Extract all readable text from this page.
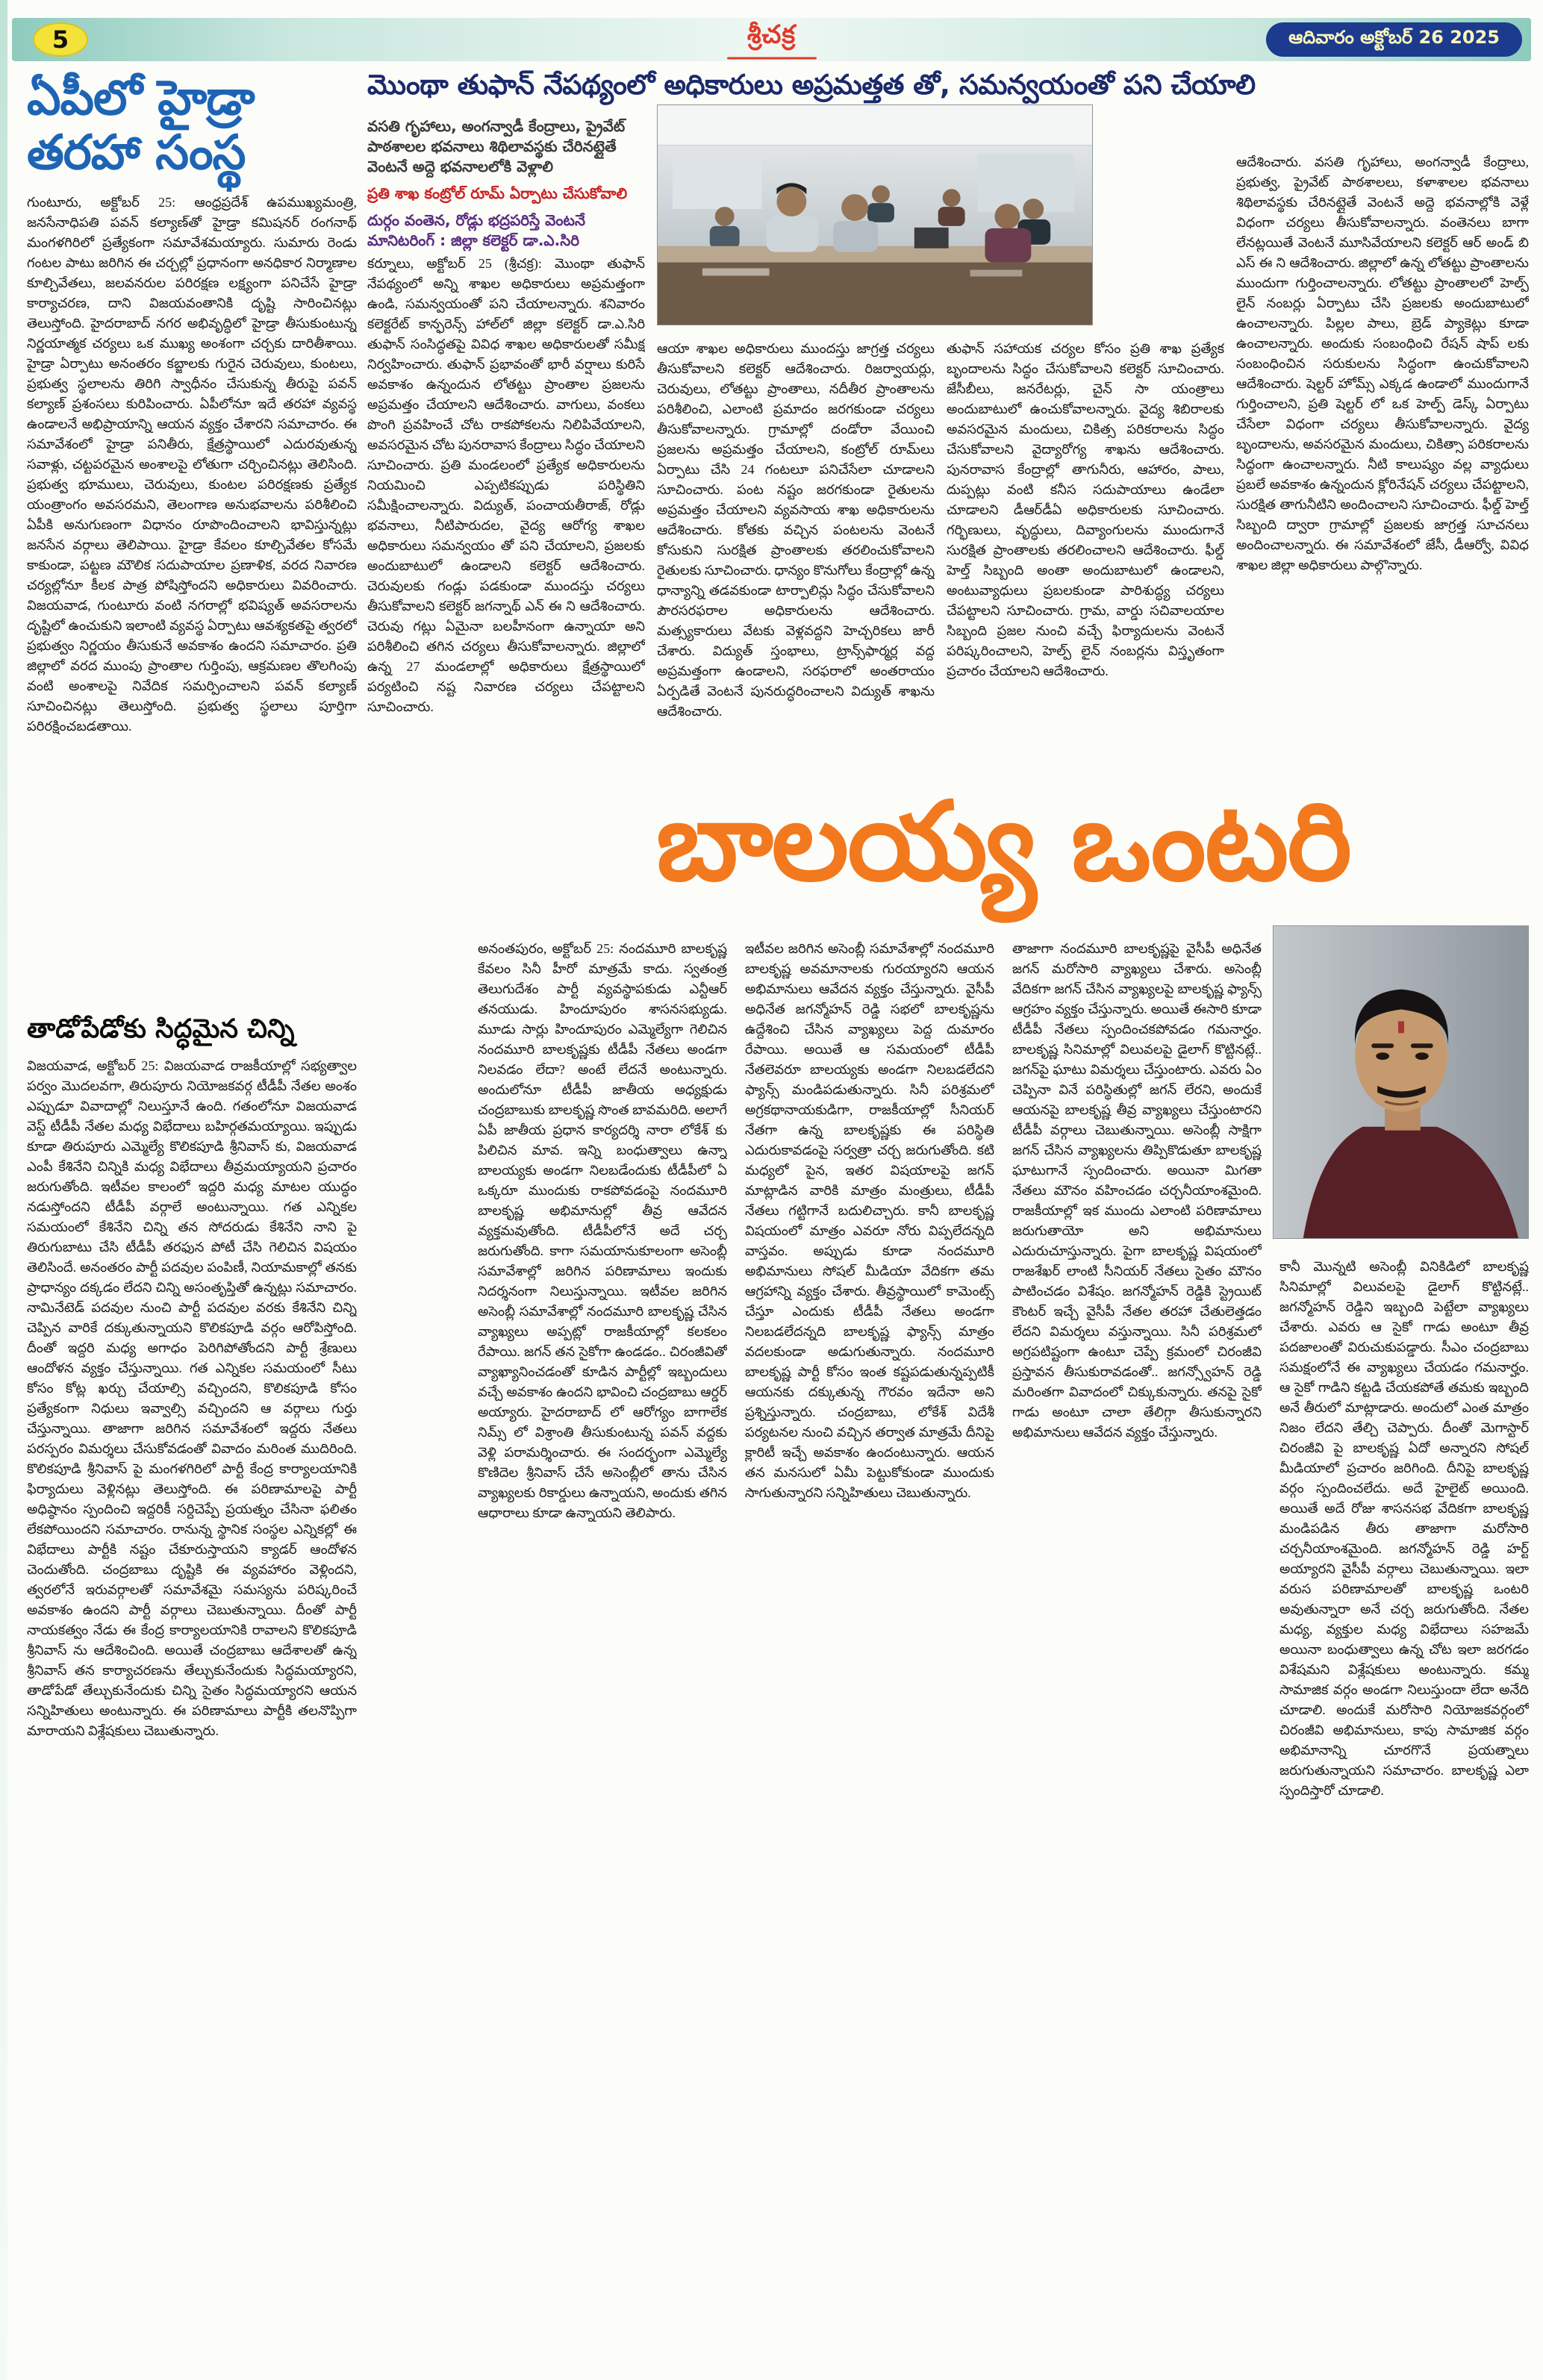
5	శ్రీచక్ర	ఆదివారం అక్టోబర్ 26 2025
ఏపీలో హైడ్రా తరహా సంస్థ
గుంటూరు, అక్టోబర్ 25: ఆంధ్రప్రదేశ్ ఉపముఖ్యమంత్రి, జనసేనాధిపతి పవన్ కల్యాణ్‌తో హైడ్రా కమిషనర్ రంగనాథ్ మంగళగిరిలో ప్రత్యేకంగా సమావేశమయ్యారు. సుమారు రెండు గంటల పాటు జరిగిన ఈ చర్చల్లో ప్రధానంగా అనధికార నిర్మాణాల కూల్చివేతలు, జలవనరుల పరిరక్షణ లక్ష్యంగా పనిచేసే హైడ్రా కార్యాచరణ, దాని విజయవంతానికి దృష్టి సారించినట్లు తెలుస్తోంది. హైదరాబాద్ నగర అభివృద్ధిలో హైడ్రా తీసుకుంటున్న నిర్ణయాత్మక చర్యలు ఒక ముఖ్య అంశంగా చర్చకు దారితీశాయి. హైడ్రా ఏర్పాటు అనంతరం కబ్జాలకు గురైన చెరువులు, కుంటలు, ప్రభుత్వ స్థలాలను తిరిగి స్వాధీనం చేసుకున్న తీరుపై పవన్ కల్యాణ్ ప్రశంసలు కురిపించారు. ఏపీలోనూ ఇదే తరహా వ్యవస్థ ఉండాలనే అభిప్రాయాన్ని ఆయన వ్యక్తం చేశారని సమాచారం. ఈ సమావేశంలో హైడ్రా పనితీరు, క్షేత్రస్థాయిలో ఎదురవుతున్న సవాళ్లు, చట్టపరమైన అంశాలపై లోతుగా చర్చించినట్లు తెలిసింది. ప్రభుత్వ భూములు, చెరువులు, కుంటల పరిరక్షణకు ప్రత్యేక యంత్రాంగం అవసరమని, తెలంగాణ అనుభవాలను పరిశీలించి ఏపీకి అనుగుణంగా విధానం రూపొందించాలని భావిస్తున్నట్లు జనసేన వర్గాలు తెలిపాయి. హైడ్రా కేవలం కూల్చివేతల కోసమే కాకుండా, పట్టణ మౌలిక సదుపాయాల ప్రణాళిక, వరద నివారణ చర్యల్లోనూ కీలక పాత్ర పోషిస్తోందని అధికారులు వివరించారు. విజయవాడ, గుంటూరు వంటి నగరాల్లో భవిష్యత్ అవసరాలను దృష్టిలో ఉంచుకుని ఇలాంటి వ్యవస్థ ఏర్పాటు ఆవశ్యకతపై త్వరలో ప్రభుత్వం నిర్ణయం తీసుకునే అవకాశం ఉందని సమాచారం. ప్రతి జిల్లాలో వరద ముంపు ప్రాంతాల గుర్తింపు, ఆక్రమణల తొలగింపు వంటి అంశాలపై నివేదిక సమర్పించాలని పవన్ కల్యాణ్ సూచించినట్లు తెలుస్తోంది. ప్రభుత్వ స్థలాలు పూర్తిగా పరిరక్షించబడతాయి.
తాడోపేడోకు సిద్ధమైన చిన్ని
విజయవాడ, అక్టోబర్ 25: విజయవాడ రాజకీయాల్లో సభ్యత్వాల పర్వం మొదలవగా, తిరుపూరు నియోజకవర్గ టీడీపీ నేతల అంశం ఎప్పుడూ వివాదాల్లో నిలుస్తూనే ఉంది. గతంలోనూ విజయవాడ వెస్ట్ టీడీపీ నేతల మధ్య విభేదాలు బహిర్గతమయ్యాయి. ఇప్పుడు కూడా తిరుపూరు ఎమ్మెల్యే కొలికపూడి శ్రీనివాస్ కు, విజయవాడ ఎంపీ కేశినేని చిన్నికి మధ్య విభేదాలు తీవ్రమయ్యాయని ప్రచారం జరుగుతోంది. ఇటీవల కాలంలో ఇద్దరి మధ్య మాటల యుద్ధం నడుస్తోందని టీడీపీ వర్గాలే అంటున్నాయి. గత ఎన్నికల సమయంలో కేశినేని చిన్ని తన సోదరుడు కేశినేని నాని పై తిరుగుబాటు చేసి టీడీపీ తరఫున పోటీ చేసి గెలిచిన విషయం తెలిసిందే. అనంతరం పార్టీ పదవుల పంపిణీ, నియామకాల్లో తనకు ప్రాధాన్యం దక్కడం లేదని చిన్ని అసంతృప్తితో ఉన్నట్లు సమాచారం. నామినేటెడ్ పదవుల నుంచి పార్టీ పదవుల వరకు కేశినేని చిన్ని చెప్పిన వారికే దక్కుతున్నాయని కొలికపూడి వర్గం ఆరోపిస్తోంది. దీంతో ఇద్దరి మధ్య అగాధం పెరిగిపోతోందని పార్టీ శ్రేణులు ఆందోళన వ్యక్తం చేస్తున్నాయి. గత ఎన్నికల సమయంలో సీటు కోసం కోట్ల ఖర్చు చేయాల్సి వచ్చిందని, కొలికపూడి కోసం ప్రత్యేకంగా నిధులు ఇవ్వాల్సి వచ్చిందని ఆ వర్గాలు గుర్తు చేస్తున్నాయి. తాజాగా జరిగిన సమావేశంలో ఇద్దరు నేతలు పరస్పరం విమర్శలు చేసుకోవడంతో వివాదం మరింత ముదిరింది. కొలికపూడి శ్రీనివాస్ పై మంగళగిరిలో పార్టీ కేంద్ర కార్యాలయానికి ఫిర్యాదులు వెళ్లినట్లు తెలుస్తోంది. ఈ పరిణామాలపై పార్టీ అధిష్ఠానం స్పందించి ఇద్దరికీ సర్దిచెప్పే ప్రయత్నం చేసినా ఫలితం లేకపోయిందని సమాచారం. రానున్న స్థానిక సంస్థల ఎన్నికల్లో ఈ విభేదాలు పార్టీకి నష్టం చేకూరుస్తాయని క్యాడర్ ఆందోళన చెందుతోంది. చంద్రబాబు దృష్టికి ఈ వ్యవహారం వెళ్లిందని, త్వరలోనే ఇరువర్గాలతో సమావేశమై సమస్యను పరిష్కరించే అవకాశం ఉందని పార్టీ వర్గాలు చెబుతున్నాయి. దీంతో పార్టీ నాయకత్వం నేడు ఈ కేంద్ర కార్యాలయానికి రావాలని కొలికపూడి శ్రీనివాస్ ను ఆదేశించింది. అయితే చంద్రబాబు ఆదేశాలతో ఉన్న శ్రీనివాస్ తన కార్యాచరణను తేల్చుకునేందుకు సిద్ధమయ్యారని, తాడోపేడో తేల్చుకునేందుకు చిన్ని సైతం సిద్ధమయ్యారని ఆయన సన్నిహితులు అంటున్నారు. ఈ పరిణామాలు పార్టీకి తలనొప్పిగా మారాయని విశ్లేషకులు చెబుతున్నారు.
మొంథా తుఫాన్ నేపథ్యంలో అధికారులు అప్రమత్తత తో, సమన్వయంతో పని చేయాలి

వసతి గృహాలు, అంగన్వాడీ కేంద్రాలు, ప్రైవేట్ పాఠశాలల భవనాలు శిథిలావస్థకు చేరినట్లైతే వెంటనే అద్దె భవనాలలోకి వెళ్లాలి

ప్రతి శాఖ కంట్రోల్ రూమ్ ఏర్పాటు చేసుకోవాలి

దుర్గం వంతెన, రోడ్లు భద్రపరిస్తే వెంటనే మానిటరింగ్ : జిల్లా కలెక్టర్ డా.ఎ.సిరి

కర్నూలు, అక్టోబర్ 25 (శ్రీచక్ర): మొంథా తుఫాన్ నేపథ్యంలో అన్ని శాఖల అధికారులు అప్రమత్తంగా ఉండి, సమన్వయంతో పని చేయాలన్నారు. శనివారం కలెక్టరేట్ కాన్ఫరెన్స్ హాల్‌లో జిల్లా కలెక్టర్ డా.ఎ.సిరి తుఫాన్ సంసిద్ధతపై వివిధ శాఖల అధికారులతో సమీక్ష నిర్వహించారు. తుఫాన్ ప్రభావంతో భారీ వర్షాలు కురిసే అవకాశం ఉన్నందున లోతట్టు ప్రాంతాల ప్రజలను అప్రమత్తం చేయాలని ఆదేశించారు. వాగులు, వంకలు పొంగి ప్రవహించే చోట రాకపోకలను నిలిపివేయాలని, అవసరమైన చోట పునరావాస కేంద్రాలు సిద్ధం చేయాలని సూచించారు. ప్రతి మండలంలో ప్రత్యేక అధికారులను నియమించి ఎప్పటికప్పుడు పరిస్థితిని సమీక్షించాలన్నారు. విద్యుత్, పంచాయతీరాజ్, రోడ్లు భవనాలు, నీటిపారుదల, వైద్య ఆరోగ్య శాఖల అధికారులు సమన్వయం తో పని చేయాలని, ప్రజలకు అందుబాటులో ఉండాలని కలెక్టర్ ఆదేశించారు. చెరువులకు గండ్లు పడకుండా ముందస్తు చర్యలు తీసుకోవాలని కలెక్టర్ జగన్నాథ్ ఎన్ ఈ ని ఆదేశించారు. చెరువు గట్లు ఏమైనా బలహీనంగా ఉన్నాయా అని పరిశీలించి తగిన చర్యలు తీసుకోవాలన్నారు. జిల్లాలో ఉన్న 27 మండలాల్లో అధికారులు క్షేత్రస్థాయిలో పర్యటించి నష్ట నివారణ చర్యలు చేపట్టాలని సూచించారు.
ఆయా శాఖల అధికారులు ముందస్తు జాగ్రత్త చర్యలు తీసుకోవాలని కలెక్టర్ ఆదేశించారు. రిజర్వాయర్లు, చెరువులు, లోతట్టు ప్రాంతాలు, నదీతీర ప్రాంతాలను పరిశీలించి, ఎలాంటి ప్రమాదం జరగకుండా చర్యలు తీసుకోవాలన్నారు. గ్రామాల్లో దండోరా వేయించి ప్రజలను అప్రమత్తం చేయాలని, కంట్రోల్ రూమ్‌లు ఏర్పాటు చేసి 24 గంటలూ పనిచేసేలా చూడాలని సూచించారు. పంట నష్టం జరగకుండా రైతులను అప్రమత్తం చేయాలని వ్యవసాయ శాఖ అధికారులను ఆదేశించారు. కోతకు వచ్చిన పంటలను వెంటనే కోసుకుని సురక్షిత ప్రాంతాలకు తరలించుకోవాలని రైతులకు సూచించారు. ధాన్యం కొనుగోలు కేంద్రాల్లో ఉన్న ధాన్యాన్ని తడవకుండా టార్పాలిన్లు సిద్ధం చేసుకోవాలని పౌరసరఫరాల అధికారులను ఆదేశించారు. మత్స్యకారులు వేటకు వెళ్లవద్దని హెచ్చరికలు జారీ చేశారు. విద్యుత్ స్తంభాలు, ట్రాన్స్‌ఫార్మర్ల వద్ద అప్రమత్తంగా ఉండాలని, సరఫరాలో అంతరాయం ఏర్పడితే వెంటనే పునరుద్ధరించాలని విద్యుత్ శాఖను ఆదేశించారు.
తుఫాన్ సహాయక చర్యల కోసం ప్రతి శాఖ ప్రత్యేక బృందాలను సిద్ధం చేసుకోవాలని కలెక్టర్ సూచించారు. జేసీబీలు, జనరేటర్లు, చైన్ సా యంత్రాలు అందుబాటులో ఉంచుకోవాలన్నారు. వైద్య శిబిరాలకు అవసరమైన మందులు, చికిత్స పరికరాలను సిద్ధం చేసుకోవాలని వైద్యారోగ్య శాఖను ఆదేశించారు. పునరావాస కేంద్రాల్లో తాగునీరు, ఆహారం, పాలు, దుప్పట్లు వంటి కనీస సదుపాయాలు ఉండేలా చూడాలని డీఆర్‌డీఏ అధికారులకు సూచించారు. గర్భిణులు, వృద్ధులు, దివ్యాంగులను ముందుగానే సురక్షిత ప్రాంతాలకు తరలించాలని ఆదేశించారు. ఫీల్డ్ హెల్త్ సిబ్బంది అంతా అందుబాటులో ఉండాలని, అంటువ్యాధులు ప్రబలకుండా పారిశుద్ధ్య చర్యలు చేపట్టాలని సూచించారు. గ్రామ, వార్డు సచివాలయాల సిబ్బంది ప్రజల నుంచి వచ్చే ఫిర్యాదులను వెంటనే పరిష్కరించాలని, హెల్ప్ లైన్ నంబర్లను విస్తృతంగా ప్రచారం చేయాలని ఆదేశించారు.
ఆదేశించారు. వసతి గృహాలు, అంగన్వాడీ కేంద్రాలు, ప్రభుత్వ, ప్రైవేట్ పాఠశాలలు, కళాశాలల భవనాలు శిథిలావస్థకు చేరినట్లైతే వెంటనే అద్దె భవనాల్లోకి వెళ్లే విధంగా చర్యలు తీసుకోవాలన్నారు. వంతెనలు బాగా లేనట్లయితే వెంటనే మూసివేయాలని కలెక్టర్ ఆర్ అండ్ బి ఎస్ ఈ ని ఆదేశించారు. జిల్లాలో ఉన్న లోతట్టు ప్రాంతాలను ముందుగా గుర్తించాలన్నారు. లోతట్టు ప్రాంతాలలో హెల్ప్ లైన్ నంబర్లు ఏర్పాటు చేసి ప్రజలకు అందుబాటులో ఉంచాలన్నారు. పిల్లల పాలు, బ్రెడ్ ప్యాకెట్లు కూడా ఉంచాలన్నారు. అందుకు సంబంధించి రేషన్ షాప్ లకు సంబంధించిన సరుకులను సిద్ధంగా ఉంచుకోవాలని ఆదేశించారు. షెల్టర్ హోమ్స్ ఎక్కడ ఉండాలో ముందుగానే గుర్తించాలని, ప్రతి షెల్టర్ లో ఒక హెల్ప్ డెస్క్ ఏర్పాటు చేసేలా విధంగా చర్యలు తీసుకోవాలన్నారు. వైద్య బృందాలను, అవసరమైన మందులు, చికిత్సా పరికరాలను సిద్ధంగా ఉంచాలన్నారు. నీటి కాలుష్యం వల్ల వ్యాధులు ప్రబలే అవకాశం ఉన్నందున క్లోరినేషన్ చర్యలు చేపట్టాలని, సురక్షిత తాగునీటిని అందించాలని సూచించారు. ఫీల్డ్ హెల్త్ సిబ్బంది ద్వారా గ్రామాల్లో ప్రజలకు జాగ్రత్త సూచనలు అందించాలన్నారు. ఈ సమావేశంలో జేసీ, డీఆర్వో, వివిధ శాఖల జిల్లా అధికారులు పాల్గొన్నారు.
బాలయ్య ఒంటరి
అనంతపురం, అక్టోబర్ 25: నందమూరి బాలకృష్ణ కేవలం సినీ హీరో మాత్రమే కాదు. స్వతంత్ర తెలుగుదేశం పార్టీ వ్యవస్థాపకుడు ఎన్టీఆర్ తనయుడు. హిందూపురం శాసనసభ్యుడు. మూడు సార్లు హిందూపురం ఎమ్మెల్యేగా గెలిచిన నందమూరి బాలకృష్ణకు టీడీపీ నేతలు అండగా నిలవడం లేదా? అంటే లేదనే అంటున్నారు. అందులోనూ టీడీపీ జాతీయ అధ్యక్షుడు చంద్రబాబుకు బాలకృష్ణ సొంత బావమరిది. అలాగే ఏపీ జాతీయ ప్రధాన కార్యదర్శి నారా లోకేశ్ కు పిలిచిన మావ. ఇన్ని బంధుత్వాలు ఉన్నా బాలయ్యకు అండగా నిలబడేందుకు టీడీపీలో ఏ ఒక్కరూ ముందుకు రాకపోవడంపై నందమూరి బాలకృష్ణ అభిమానుల్లో తీవ్ర ఆవేదన వ్యక్తమవుతోంది. టీడీపీలోనే అదే చర్చ జరుగుతోంది. కాగా సమయానుకూలంగా అసెంబ్లీ సమావేశాల్లో జరిగిన పరిణామాలు ఇందుకు నిదర్శనంగా నిలుస్తున్నాయి. ఇటీవల జరిగిన అసెంబ్లీ సమావేశాల్లో నందమూరి బాలకృష్ణ చేసిన వ్యాఖ్యలు అప్పట్లో రాజకీయాల్లో కలకలం రేపాయి. జగన్ తన సైకోగా ఉండడం.. చిరంజీవితో వ్యాఖ్యానించడంతో కూడిన పార్టీల్లో ఇబ్బందులు వచ్చే అవకాశం ఉందని భావించి చంద్రబాబు ఆర్డర్ అయ్యారు. హైదరాబాద్ లో ఆరోగ్యం బాగాలేక నిమ్స్ లో విశ్రాంతి తీసుకుంటున్న పవన్ వద్దకు వెళ్లి పరామర్శించారు. ఈ సందర్భంగా ఎమ్మెల్యే కొణిదెల శ్రీనివాస్ చేసే అసెంబ్లీలో తాను చేసిన వ్యాఖ్యలకు రికార్డులు ఉన్నాయని, అందుకు తగిన ఆధారాలు కూడా ఉన్నాయని తెలిపారు.
ఇటీవల జరిగిన అసెంబ్లీ సమావేశాల్లో నందమూరి బాలకృష్ణ అవమానాలకు గురయ్యారని ఆయన అభిమానులు ఆవేదన వ్యక్తం చేస్తున్నారు. వైసీపీ అధినేత జగన్మోహన్ రెడ్డి సభలో బాలకృష్ణను ఉద్దేశించి చేసిన వ్యాఖ్యలు పెద్ద దుమారం రేపాయి. అయితే ఆ సమయంలో టీడీపీ నేతలెవరూ బాలయ్యకు అండగా నిలబడలేదని ఫ్యాన్స్ మండిపడుతున్నారు. సినీ పరిశ్రమలో అగ్రకథానాయకుడిగా, రాజకీయాల్లో సీనియర్ నేతగా ఉన్న బాలకృష్ణకు ఈ పరిస్థితి ఎదురుకావడంపై సర్వత్రా చర్చ జరుగుతోంది. కటి మధ్యలో పైన, ఇతర విషయాలపై జగన్ మాట్లాడిన వారికి మాత్రం మంత్రులు, టీడీపీ నేతలు గట్టిగానే బదులిచ్చారు. కానీ బాలకృష్ణ విషయంలో మాత్రం ఎవరూ నోరు విప్పలేదన్నది వాస్తవం. అప్పుడు కూడా నందమూరి అభిమానులు సోషల్ మీడియా వేదికగా తమ ఆగ్రహాన్ని వ్యక్తం చేశారు. తీవ్రస్థాయిలో కామెంట్స్ చేస్తూ ఎందుకు టీడీపీ నేతలు అండగా నిలబడలేదన్నది బాలకృష్ణ ఫ్యాన్స్ మాత్రం వదలకుండా అడుగుతున్నారు. నందమూరి బాలకృష్ణ పార్టీ కోసం ఇంత కష్టపడుతున్నప్పటికీ ఆయనకు దక్కుతున్న గౌరవం ఇదేనా అని ప్రశ్నిస్తున్నారు. చంద్రబాబు, లోకేశ్ విదేశీ పర్యటనల నుంచి వచ్చిన తర్వాత మాత్రమే దీనిపై క్లారిటీ ఇచ్చే అవకాశం ఉందంటున్నారు. ఆయన తన మనసులో ఏమీ పెట్టుకోకుండా ముందుకు సాగుతున్నారని సన్నిహితులు చెబుతున్నారు.
తాజాగా నందమూరి బాలకృష్ణపై వైసీపీ అధినేత జగన్ మరోసారి వ్యాఖ్యలు చేశారు. అసెంబ్లీ వేదికగా జగన్ చేసిన వ్యాఖ్యలపై బాలకృష్ణ ఫ్యాన్స్ ఆగ్రహం వ్యక్తం చేస్తున్నారు. అయితే ఈసారి కూడా టీడీపీ నేతలు స్పందించకపోవడం గమనార్హం. బాలకృష్ణ సినిమాల్లో విలువలపై డైలాగ్ కొట్టినట్లే.. జగన్‌పై ఘాటు విమర్శలు చేస్తుంటారు. ఎవరు ఏం చెప్పినా వినే పరిస్థితుల్లో జగన్ లేరని, అందుకే ఆయనపై బాలకృష్ణ తీవ్ర వ్యాఖ్యలు చేస్తుంటారని టీడీపీ వర్గాలు చెబుతున్నాయి. అసెంబ్లీ సాక్షిగా జగన్ చేసిన వ్యాఖ్యలను తిప్పికొడుతూ బాలకృష్ణ ఘాటుగానే స్పందించారు. అయినా మిగతా నేతలు మౌనం వహించడం చర్చనీయాంశమైంది. రాజకీయాల్లో ఇక ముందు ఎలాంటి పరిణామాలు జరుగుతాయో అని అభిమానులు ఎదురుచూస్తున్నారు. పైగా బాలకృష్ణ విషయంలో రాజశేఖర్ లాంటి సీనియర్ నేతలు సైతం మౌనం పాటించడం విశేషం. జగన్మోహన్ రెడ్డికి స్ట్రెయిట్ కౌంటర్ ఇచ్చే వైసీపీ నేతల తరహా చేతులెత్తడం లేదని విమర్శలు వస్తున్నాయి. సినీ పరిశ్రమలో అగ్రపటిష్టంగా ఉంటూ చెప్పే క్రమంలో చిరంజీవి ప్రస్తావన తీసుకురావడంతో.. జగన్స్వోహన్ రెడ్డి మరింతగా వివాదంలో చిక్కుకున్నారు. తనపై సైకో గాడు అంటూ చాలా తేలిగ్గా తీసుకున్నారని అభిమానులు ఆవేదన వ్యక్తం చేస్తున్నారు.
కానీ మొన్నటి అసెంబ్లీ వినికిడిలో బాలకృష్ణ సినిమాల్లో విలువలపై డైలాగ్ కొట్టినట్లే.. జగన్మోహన్ రెడ్డిని ఇబ్బంది పెట్టేలా వ్యాఖ్యలు చేశారు. ఎవరు ఆ సైకో గాడు అంటూ తీవ్ర పదజాలంతో విరుచుకుపడ్డారు. సీఎం చంద్రబాబు సమక్షంలోనే ఈ వ్యాఖ్యలు చేయడం గమనార్హం. ఆ సైకో గాడిని కట్టడి చేయకపోతే తమకు ఇబ్బంది అనే తీరులో మాట్లాడారు. అందులో ఎంత మాత్రం నిజం లేదని తేల్చి చెప్పారు. దీంతో మెగాస్టార్ చిరంజీవి పై బాలకృష్ణ ఏదో అన్నారని సోషల్ మీడియాలో ప్రచారం జరిగింది. దీనిపై బాలకృష్ణ వర్గం స్పందించలేదు. అదే హైలైట్ అయింది. అయితే అదే రోజు శాసనసభ వేదికగా బాలకృష్ణ మండిపడిన తీరు తాజాగా మరోసారి చర్చనీయాంశమైంది. జగన్మోహన్ రెడ్డి హర్ట్ అయ్యారని వైసీపీ వర్గాలు చెబుతున్నాయి. ఇలా వరుస పరిణామాలతో బాలకృష్ణ ఒంటరి అవుతున్నారా అనే చర్చ జరుగుతోంది. నేతల మధ్య, వ్యక్తుల మధ్య విభేదాలు సహజమే అయినా బంధుత్వాలు ఉన్న చోట ఇలా జరగడం విశేషమని విశ్లేషకులు అంటున్నారు. కమ్మ సామాజిక వర్గం అండగా నిలుస్తుందా లేదా అనేది చూడాలి. అందుకే మరోసారి నియోజకవర్గంలో చిరంజీవి అభిమానులు, కాపు సామాజిక వర్గం అభిమానాన్ని చూరగొనే ప్రయత్నాలు జరుగుతున్నాయని సమాచారం. బాలకృష్ణ ఎలా స్పందిస్తారో చూడాలి.
